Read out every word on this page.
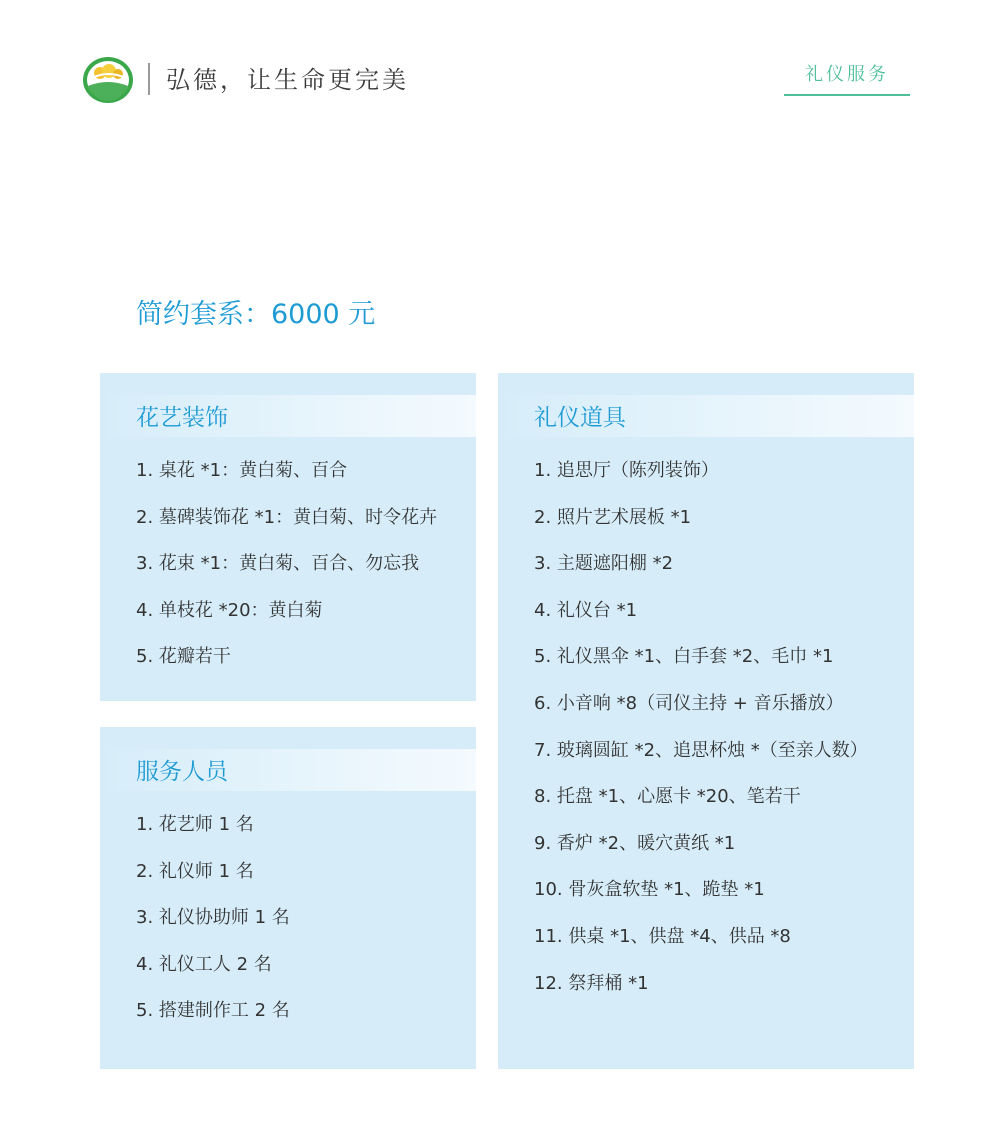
弘德，让生命更完美	礼仪服务
简约套系：6000 元
花艺装饰
1. 桌花 *1：黄白菊、百合
2. 墓碑装饰花 *1：黄白菊、时令花卉
3. 花束 *1：黄白菊、百合、勿忘我
4. 单枝花 *20：黄白菊
5. 花瓣若干
服务人员
1. 花艺师 1 名
2. 礼仪师 1 名
3. 礼仪协助师 1 名
4. 礼仪工人 2 名
5. 搭建制作工 2 名
礼仪道具
1. 追思厅（陈列装饰）
2. 照片艺术展板 *1
3. 主题遮阳棚 *2
4. 礼仪台 *1
5. 礼仪黑伞 *1、白手套 *2、毛巾 *1
6. 小音响 *8（司仪主持 + 音乐播放）
7. 玻璃圆缸 *2、追思杯烛 *（至亲人数）
8. 托盘 *1、心愿卡 *20、笔若干
9. 香炉 *2、暖穴黄纸 *1
10. 骨灰盒软垫 *1、跪垫 *1
11. 供桌 *1、供盘 *4、供品 *8
12. 祭拜桶 *1
